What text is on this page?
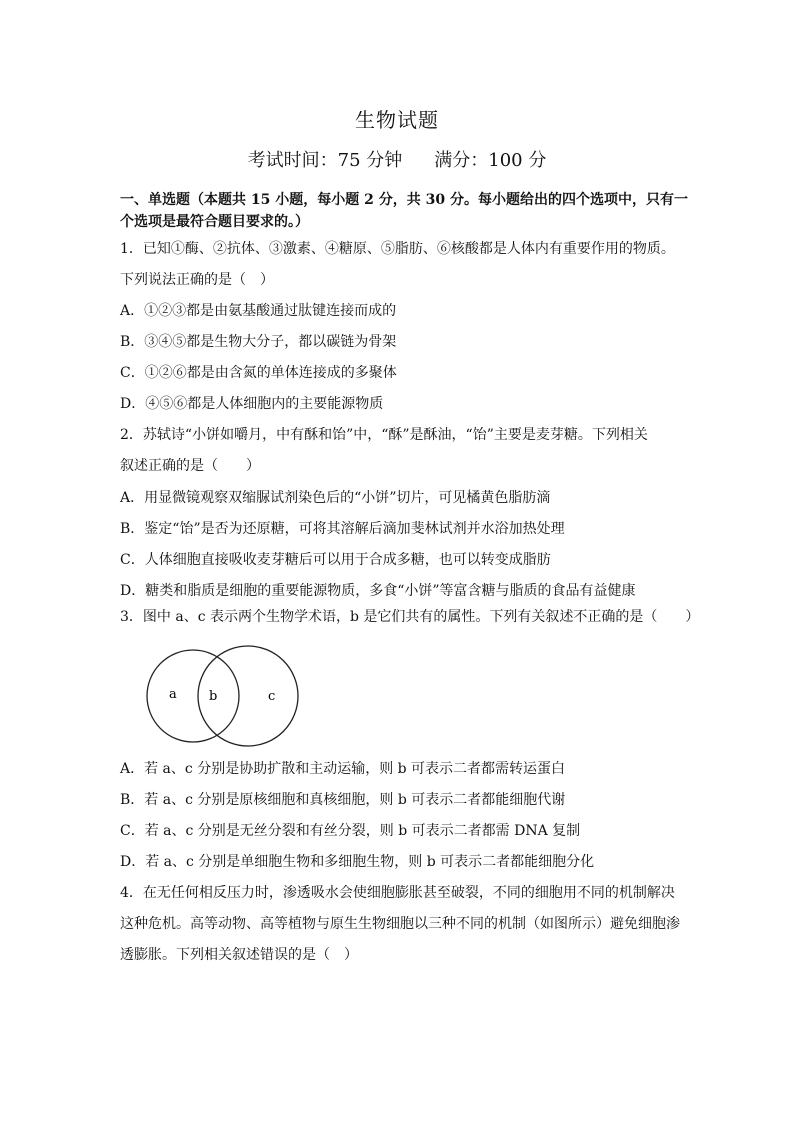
生物试题
考试时间：75 分钟 满分：100 分
一、单选题（本题共 15 小题，每小题 2 分，共 30 分。每小题给出的四个选项中，只有一
个选项是最符合题目要求的。）
1．已知①酶、②抗体、③激素、④糖原、⑤脂肪、⑥核酸都是人体内有重要作用的物质。
下列说法正确的是（　）
A．①②③都是由氨基酸通过肽键连接而成的
B．③④⑤都是生物大分子，都以碳链为骨架
C．①②⑥都是由含氮的单体连接成的多聚体
D．④⑤⑥都是人体细胞内的主要能源物质
2．苏轼诗“小饼如嚼月，中有酥和饴”中，“酥”是酥油，“饴”主要是麦芽糖。下列相关
叙述正确的是（　　）
A．用显微镜观察双缩脲试剂染色后的“小饼”切片，可见橘黄色脂肪滴
B．鉴定“饴”是否为还原糖，可将其溶解后滴加斐林试剂并水浴加热处理
C．人体细胞直接吸收麦芽糖后可以用于合成多糖，也可以转变成脂肪
D．糖类和脂质是细胞的重要能源物质，多食“小饼”等富含糖与脂质的食品有益健康
3．图中 a、c 表示两个生物学术语，b 是它们共有的属性。下列有关叙述不正确的是（　　）
a b	c
A．若 a、c 分别是协助扩散和主动运输，则 b 可表示二者都需转运蛋白
B．若 a、c 分别是原核细胞和真核细胞，则 b 可表示二者都能细胞代谢
C．若 a、c 分别是无丝分裂和有丝分裂，则 b 可表示二者都需 DNA 复制
D．若 a、c 分别是单细胞生物和多细胞生物，则 b 可表示二者都能细胞分化
4．在无任何相反压力时，渗透吸水会使细胞膨胀甚至破裂，不同的细胞用不同的机制解决
这种危机。高等动物、高等植物与原生生物细胞以三种不同的机制（如图所示）避免细胞渗
透膨胀。下列相关叙述错误的是（　）
